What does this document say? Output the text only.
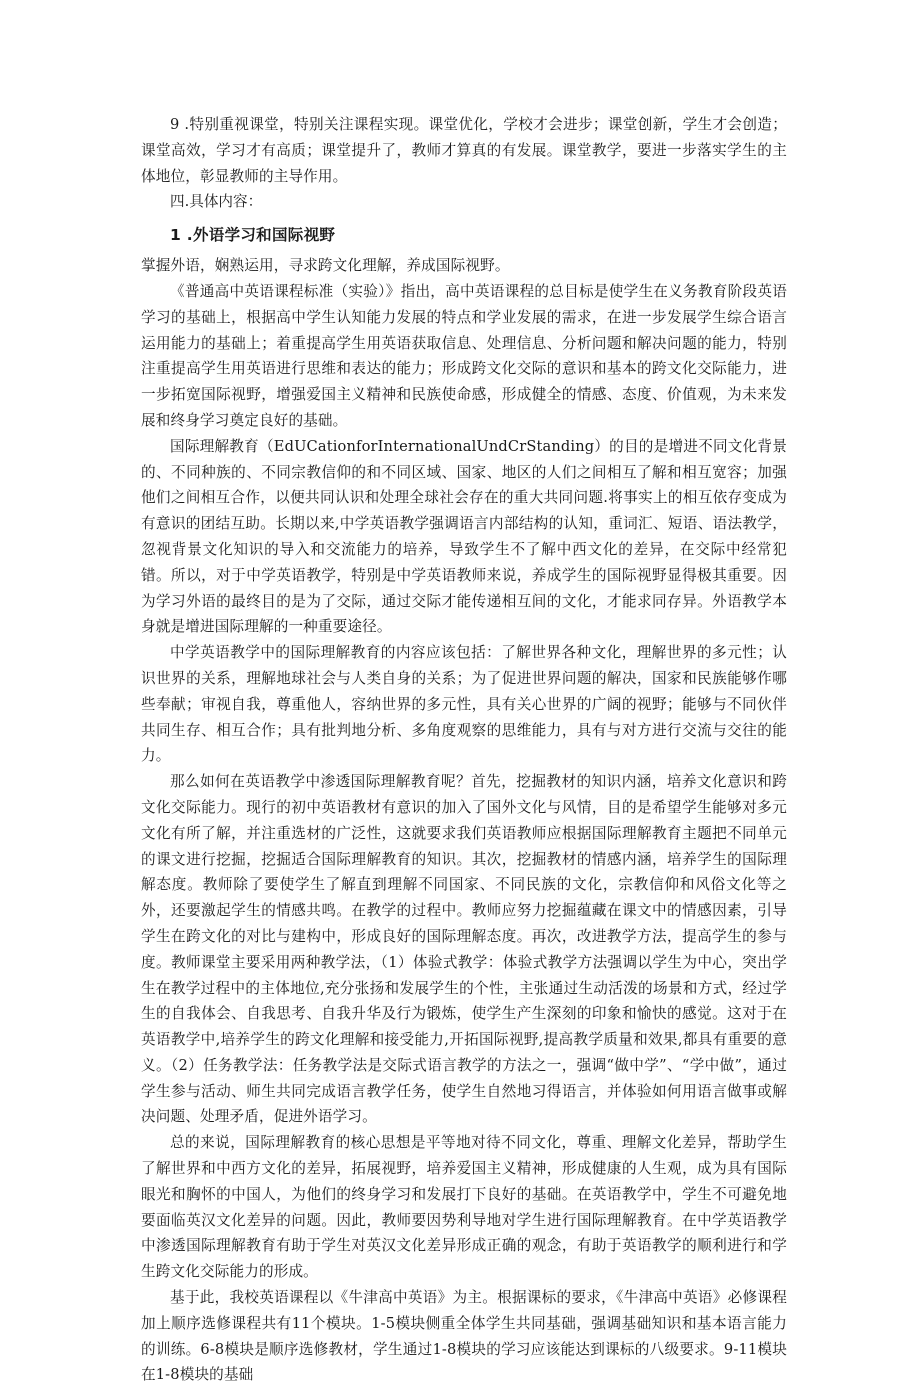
9 .特别重视课堂，特别关注课程实现。课堂优化，学校才会进步；课堂创新，学生才会创造；课堂高效，学习才有高质；课堂提升了，教师才算真的有发展。课堂教学，要进一步落实学生的主体地位，彰显教师的主导作用。

四.具体内容：

1 .外语学习和国际视野

掌握外语，娴熟运用，寻求跨文化理解，养成国际视野。

《普通高中英语课程标准（实验）》指出，高中英语课程的总目标是使学生在义务教育阶段英语学习的基础上，根据高中学生认知能力发展的特点和学业发展的需求，在进一步发展学生综合语言运用能力的基础上；着重提高学生用英语获取信息、处理信息、分析问题和解决问题的能力，特别注重提高学生用英语进行思维和表达的能力；形成跨文化交际的意识和基本的跨文化交际能力，进一步拓宽国际视野，增强爱国主义精神和民族使命感，形成健全的情感、态度、价值观，为未来发展和终身学习奠定良好的基础。

国际理解教育（EdUCationforInternationalUndCrStanding）的目的是增进不同文化背景的、不同种族的、不同宗教信仰的和不同区域、国家、地区的人们之间相互了解和相互宽容；加强他们之间相互合作，以便共同认识和处理全球社会存在的重大共同问题.将事实上的相互依存变成为有意识的团结互助。长期以来,中学英语教学强调语言内部结构的认知，重词汇、短语、语法教学，忽视背景文化知识的导入和交流能力的培养，导致学生不了解中西文化的差异，在交际中经常犯错。所以，对于中学英语教学，特别是中学英语教师来说，养成学生的国际视野显得极其重要。因为学习外语的最终目的是为了交际，通过交际才能传递相互间的文化，才能求同存异。外语教学本身就是增进国际理解的一种重要途径。

中学英语教学中的国际理解教育的内容应该包括：了解世界各种文化，理解世界的多元性；认识世界的关系，理解地球社会与人类自身的关系；为了促进世界问题的解决，国家和民族能够作哪些奉献；审视自我，尊重他人，容纳世界的多元性，具有关心世界的广阔的视野；能够与不同伙伴共同生存、相互合作；具有批判地分析、多角度观察的思维能力，具有与对方进行交流与交往的能力。

那么如何在英语教学中渗透国际理解教育呢？首先，挖掘教材的知识内涵，培养文化意识和跨文化交际能力。现行的初中英语教材有意识的加入了国外文化与风情，目的是希望学生能够对多元文化有所了解，并注重选材的广泛性，这就要求我们英语教师应根据国际理解教育主题把不同单元的课文进行挖掘，挖掘适合国际理解教育的知识。其次，挖掘教材的情感内涵，培养学生的国际理解态度。教师除了要使学生了解直到理解不同国家、不同民族的文化，宗教信仰和风俗文化等之外，还要激起学生的情感共鸣。在教学的过程中。教师应努力挖掘蕴藏在课文中的情感因素，引导学生在跨文化的对比与建构中，形成良好的国际理解态度。再次，改进教学方法，提高学生的参与度。教师课堂主要采用两种教学法，（1）体验式教学：体验式教学方法强调以学生为中心，突出学生在教学过程中的主体地位,充分张扬和发展学生的个性，主张通过生动活泼的场景和方式，经过学生的自我体会、自我思考、自我升华及行为锻炼，使学生产生深刻的印象和愉快的感觉。这对于在英语教学中,培养学生的跨文化理解和接受能力,开拓国际视野,提高教学质量和效果,都具有重要的意义。（2）任务教学法：任务教学法是交际式语言教学的方法之一，强调“做中学”、“学中做”，通过学生参与活动、师生共同完成语言教学任务，使学生自然地习得语言，并体验如何用语言做事或解决问题、处理矛盾，促进外语学习。

总的来说，国际理解教育的核心思想是平等地对待不同文化，尊重、理解文化差异，帮助学生了解世界和中西方文化的差异，拓展视野，培养爱国主义精神，形成健康的人生观，成为具有国际眼光和胸怀的中国人，为他们的终身学习和发展打下良好的基础。在英语教学中，学生不可避免地要面临英汉文化差异的问题。因此，教师要因势利导地对学生进行国际理解教育。在中学英语教学中渗透国际理解教育有助于学生对英汉文化差异形成正确的观念，有助于英语教学的顺利进行和学生跨文化交际能力的形成。

基于此，我校英语课程以《牛津高中英语》为主。根据课标的要求，《牛津高中英语》必修课程加上顺序选修课程共有11个模块。1-5模块侧重全体学生共同基础，强调基础知识和基本语言能力的训练。6-8模块是顺序选修教材，学生通过1-8模块的学习应该能达到课标的八级要求。9-11模块在1-8模块的基础
